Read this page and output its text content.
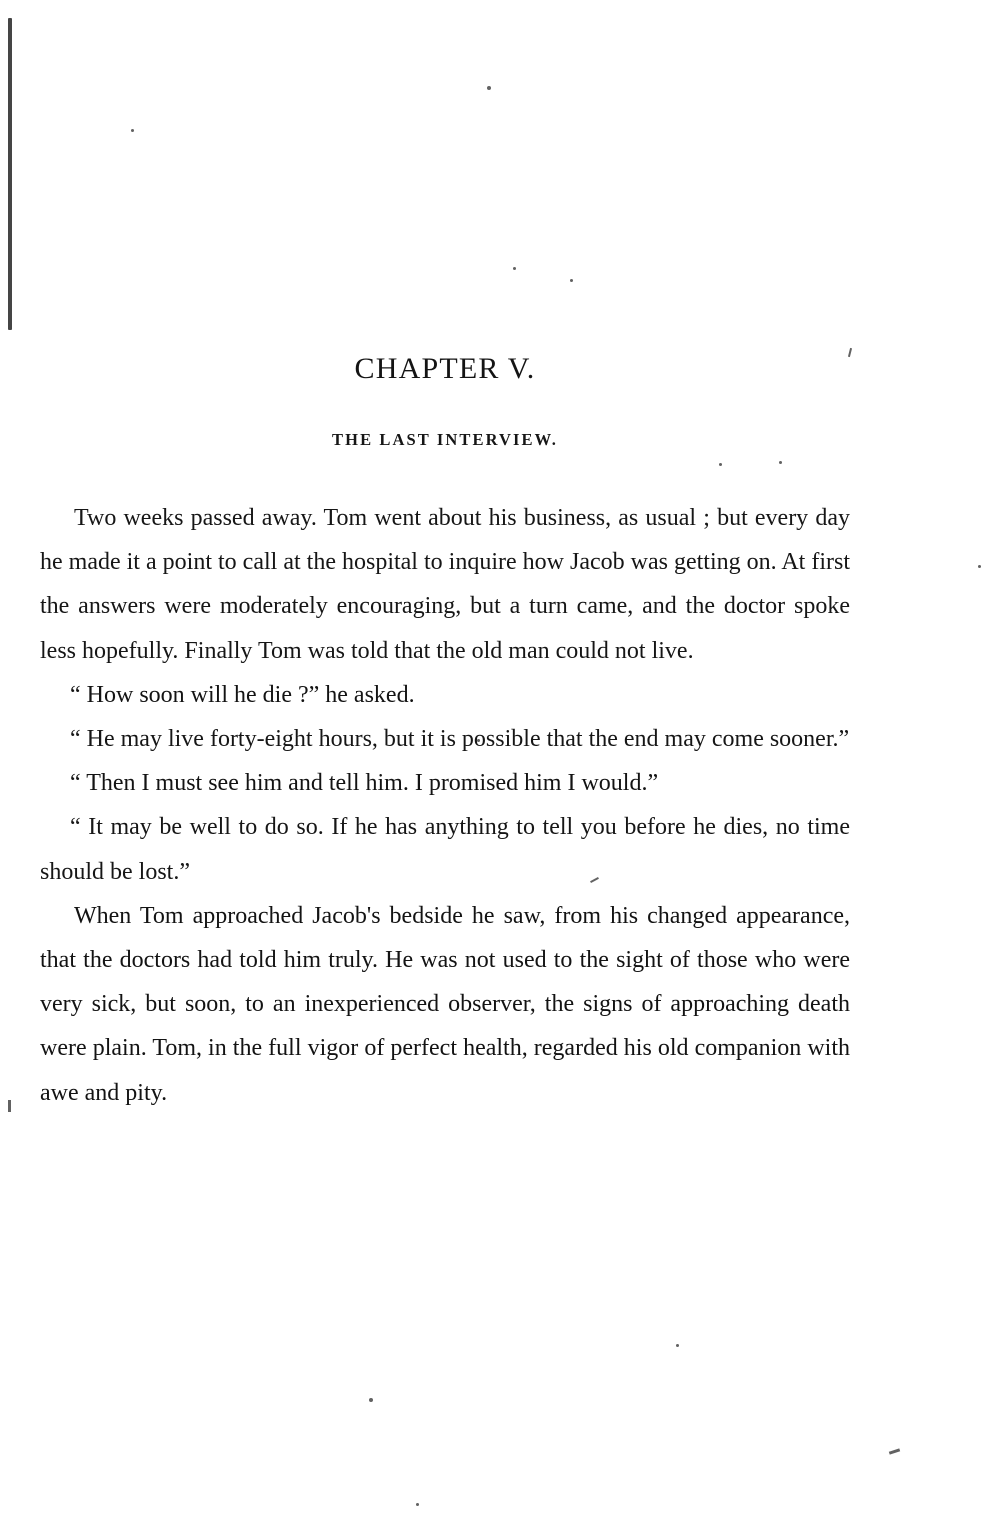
CHAPTER V.
THE LAST INTERVIEW.

Two weeks passed away. Tom went about his business, as usual ; but every day he made it a point to call at the hospital to inquire how Jacob was getting on. At first the answers were moderately encouraging, but a turn came, and the doctor spoke less hopefully. Finally Tom was told that the old man could not live.

“ How soon will he die ?” he asked.

“ He may live forty-eight hours, but it is possible that the end may come sooner.”

“ Then I must see him and tell him. I promised him I would.”

“ It may be well to do so. If he has anything to tell you before he dies, no time should be lost.”

When Tom approached Jacob's bedside he saw, from his changed appearance, that the doctors had told him truly. He was not used to the sight of those who were very sick, but soon, to an inexperienced observer, the signs of approaching death were plain. Tom, in the full vigor of perfect health, regarded his old companion with awe and pity.
